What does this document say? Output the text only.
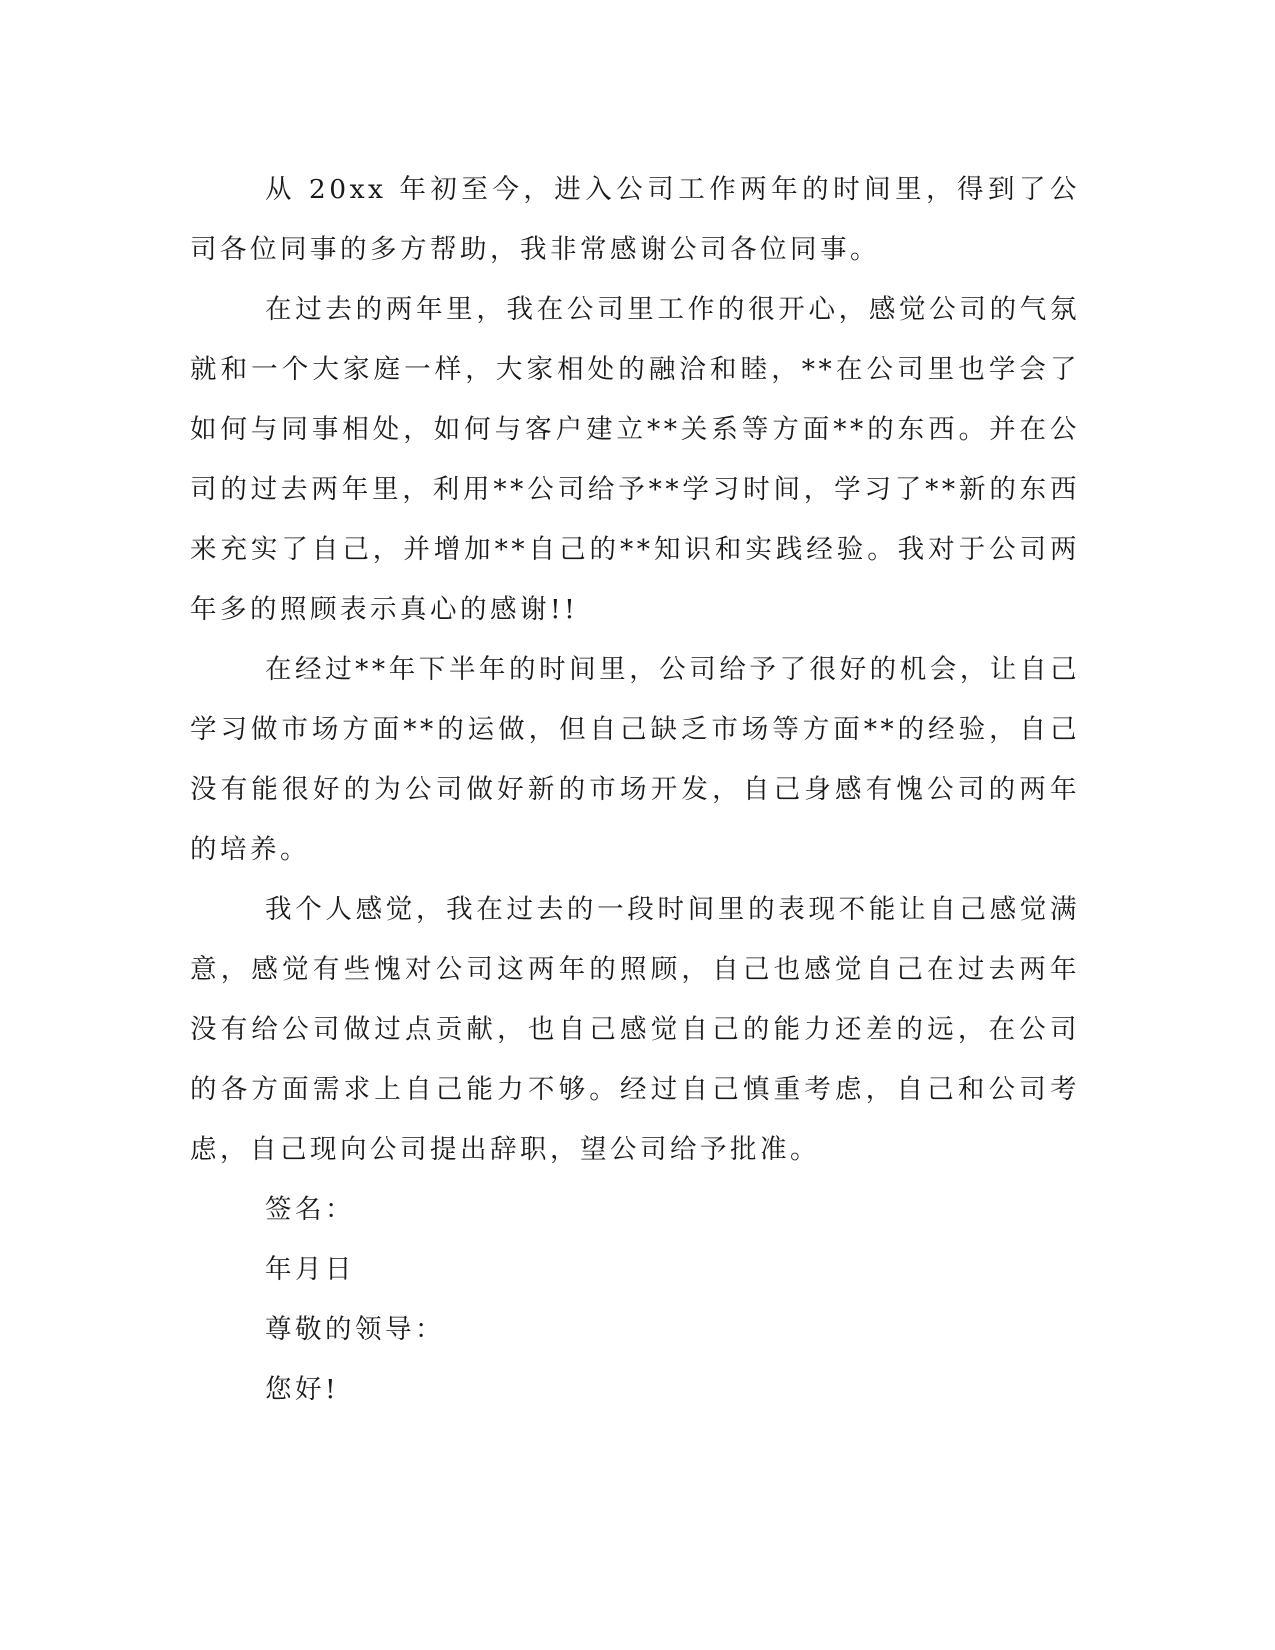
从 20xx 年初至今，进入公司工作两年的时间里，得到了公司各位同事的多方帮助，我非常感谢公司各位同事。

在过去的两年里，我在公司里工作的很开心，感觉公司的气氛就和一个大家庭一样，大家相处的融洽和睦，**在公司里也学会了如何与同事相处，如何与客户建立**关系等方面**的东西。并在公司的过去两年里，利用**公司给予**学习时间，学习了**新的东西来充实了自己，并增加**自己的**知识和实践经验。我对于公司两年多的照顾表示真心的感谢!!

在经过**年下半年的时间里，公司给予了很好的机会，让自己学习做市场方面**的运做，但自己缺乏市场等方面**的经验，自己没有能很好的为公司做好新的市场开发，自己身感有愧公司的两年的培养。

我个人感觉，我在过去的一段时间里的表现不能让自己感觉满意，感觉有些愧对公司这两年的照顾，自己也感觉自己在过去两年没有给公司做过点贡献，也自己感觉自己的能力还差的远，在公司的各方面需求上自己能力不够。经过自己慎重考虑，自己和公司考虑，自己现向公司提出辞职，望公司给予批准。

签名：

年月日

尊敬的领导：

您好!
